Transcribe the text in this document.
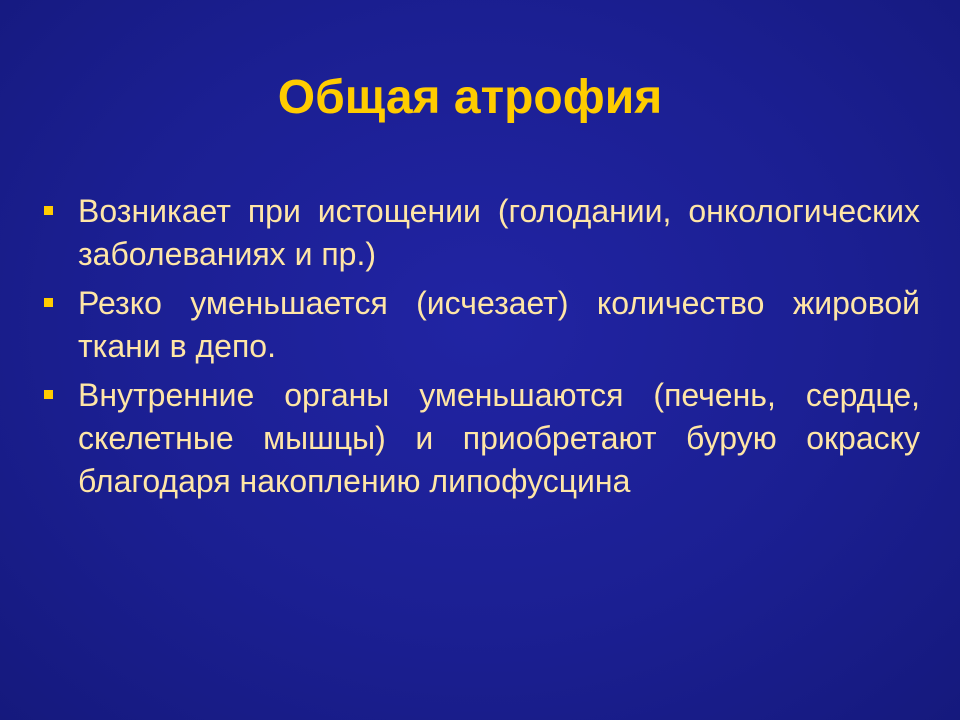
Общая атрофия
Возникает при истощении (голодании, онкологических заболеваниях и пр.)
Резко уменьшается (исчезает) количество жировой ткани в депо.
Внутренние органы уменьшаются (печень, сердце, скелетные мышцы) и приобретают бурую окраску благодаря накоплению липофусцина
